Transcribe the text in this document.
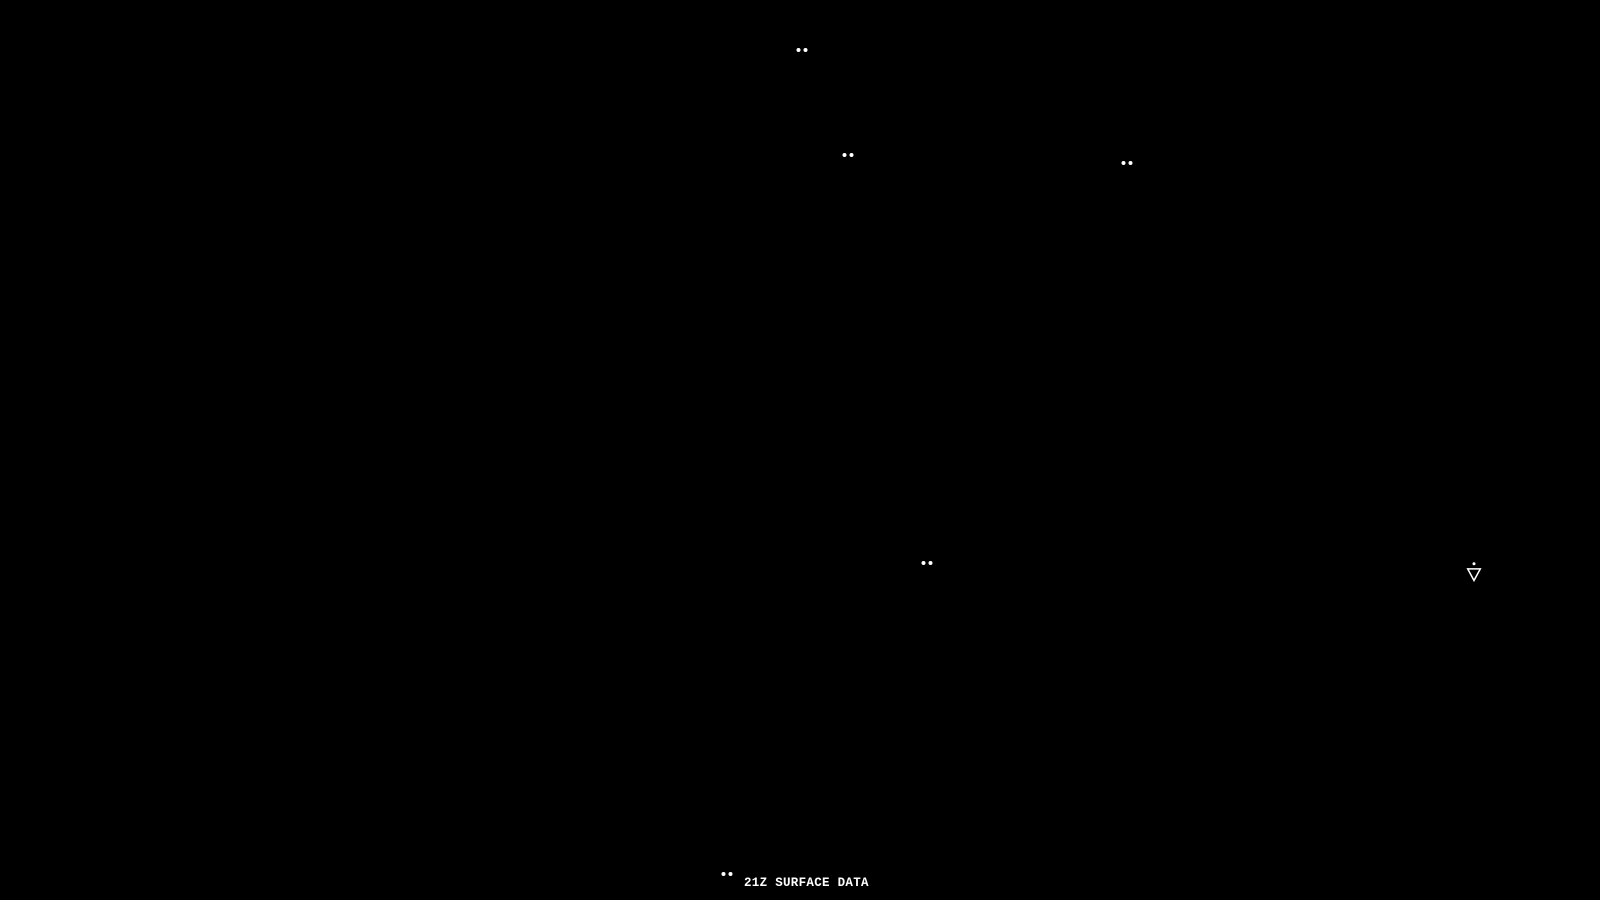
21Z SURFACE DATA
